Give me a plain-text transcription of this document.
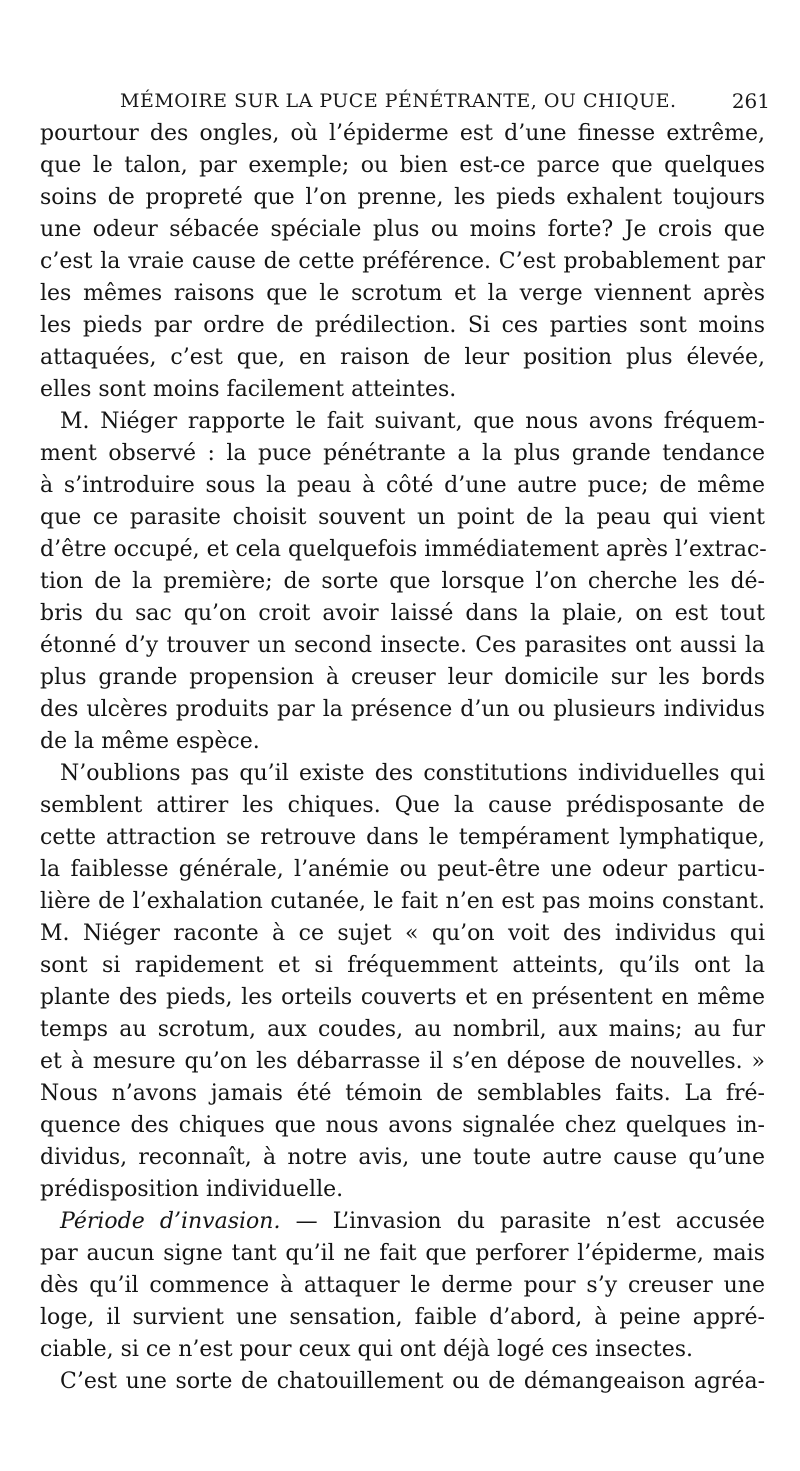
MÉMOIRE SUR LA PUCE PÉNÉTRANTE, OU CHIQUE.	261
pourtour des ongles, où l’épiderme est d’une finesse extrême,
que le talon, par exemple; ou bien est-ce parce que quelques
soins de propreté que l’on prenne, les pieds exhalent toujours
une odeur sébacée spéciale plus ou moins forte? Je crois que
c’est la vraie cause de cette préférence. C’est probablement par
les mêmes raisons que le scrotum et la verge viennent après
les pieds par ordre de prédilection. Si ces parties sont moins
attaquées, c’est que, en raison de leur position plus élevée,
elles sont moins facilement atteintes.
M. Niéger rapporte le fait suivant, que nous avons fréquem-
ment observé : la puce pénétrante a la plus grande tendance
à s’introduire sous la peau à côté d’une autre puce; de même
que ce parasite choisit souvent un point de la peau qui vient
d’être occupé, et cela quelquefois immédiatement après l’extrac-
tion de la première; de sorte que lorsque l’on cherche les dé-
bris du sac qu’on croit avoir laissé dans la plaie, on est tout
étonné d’y trouver un second insecte. Ces parasites ont aussi la
plus grande propension à creuser leur domicile sur les bords
des ulcères produits par la présence d’un ou plusieurs individus
de la même espèce.
N’oublions pas qu’il existe des constitutions individuelles qui
semblent attirer les chiques. Que la cause prédisposante de
cette attraction se retrouve dans le tempérament lymphatique,
la faiblesse générale, l’anémie ou peut-être une odeur particu-
lière de l’exhalation cutanée, le fait n’en est pas moins constant.
M. Niéger raconte à ce sujet « qu’on voit des individus qui
sont si rapidement et si fréquemment atteints, qu’ils ont la
plante des pieds, les orteils couverts et en présentent en même
temps au scrotum, aux coudes, au nombril, aux mains; au fur
et à mesure qu’on les débarrasse il s’en dépose de nouvelles. »
Nous n’avons jamais été témoin de semblables faits. La fré-
quence des chiques que nous avons signalée chez quelques in-
dividus, reconnaît, à notre avis, une toute autre cause qu’une
prédisposition individuelle.
Période d’invasion. — L’invasion du parasite n’est accusée
par aucun signe tant qu’il ne fait que perforer l’épiderme, mais
dès qu’il commence à attaquer le derme pour s’y creuser une
loge, il survient une sensation, faible d’abord, à peine appré-
ciable, si ce n’est pour ceux qui ont déjà logé ces insectes.
C’est une sorte de chatouillement ou de démangeaison agréa-
